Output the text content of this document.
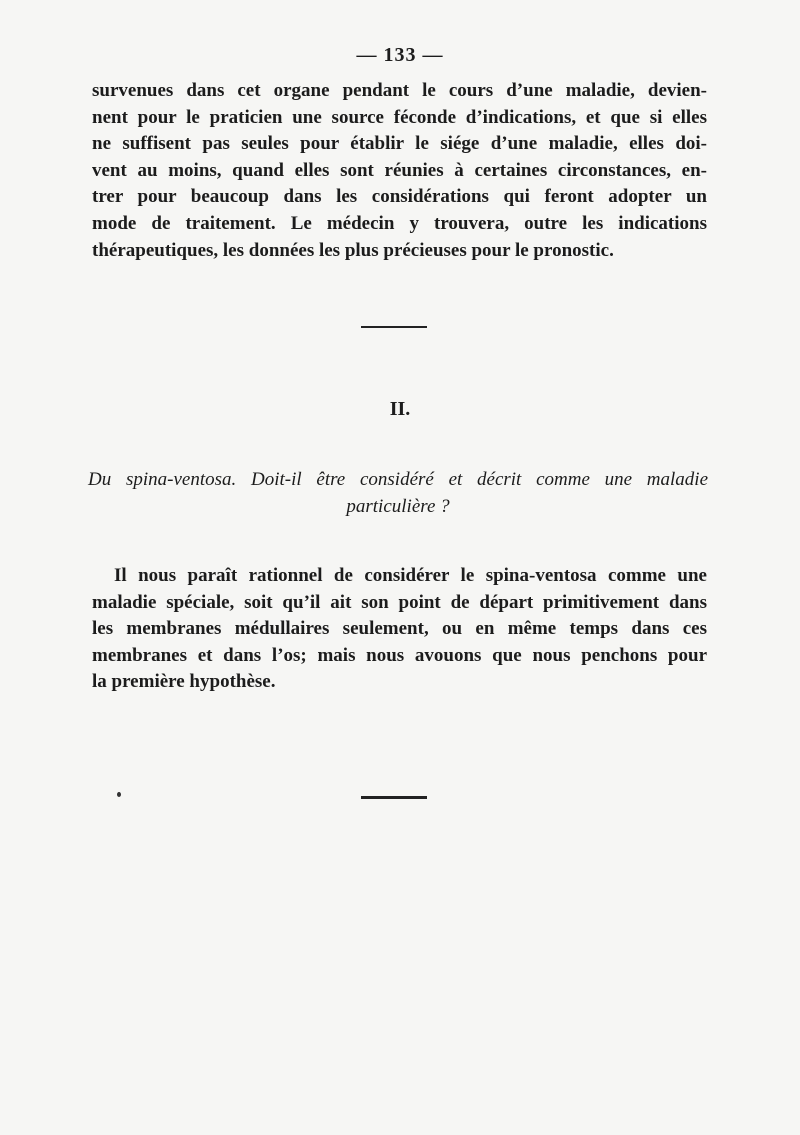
— 133 —

survenues dans cet organe pendant le cours d’une maladie, devien-
nent pour le praticien une source féconde d’indications, et que si elles
ne suffisent pas seules pour établir le siége d’une maladie, elles doi-
vent au moins, quand elles sont réunies à certaines circonstances, en-
trer pour beaucoup dans les considérations qui feront adopter un
mode de traitement. Le médecin y trouvera, outre les indications
thérapeutiques, les données les plus précieuses pour le pronostic.

II.
Du spina-ventosa. Doit-il être considéré et décrit comme une maladie
particulière ?

Il nous paraît rationnel de considérer le spina-ventosa comme une
maladie spéciale, soit qu’il ait son point de départ primitivement dans
les membranes médullaires seulement, ou en même temps dans ces
membranes et dans l’os; mais nous avouons que nous penchons pour
la première hypothèse.
